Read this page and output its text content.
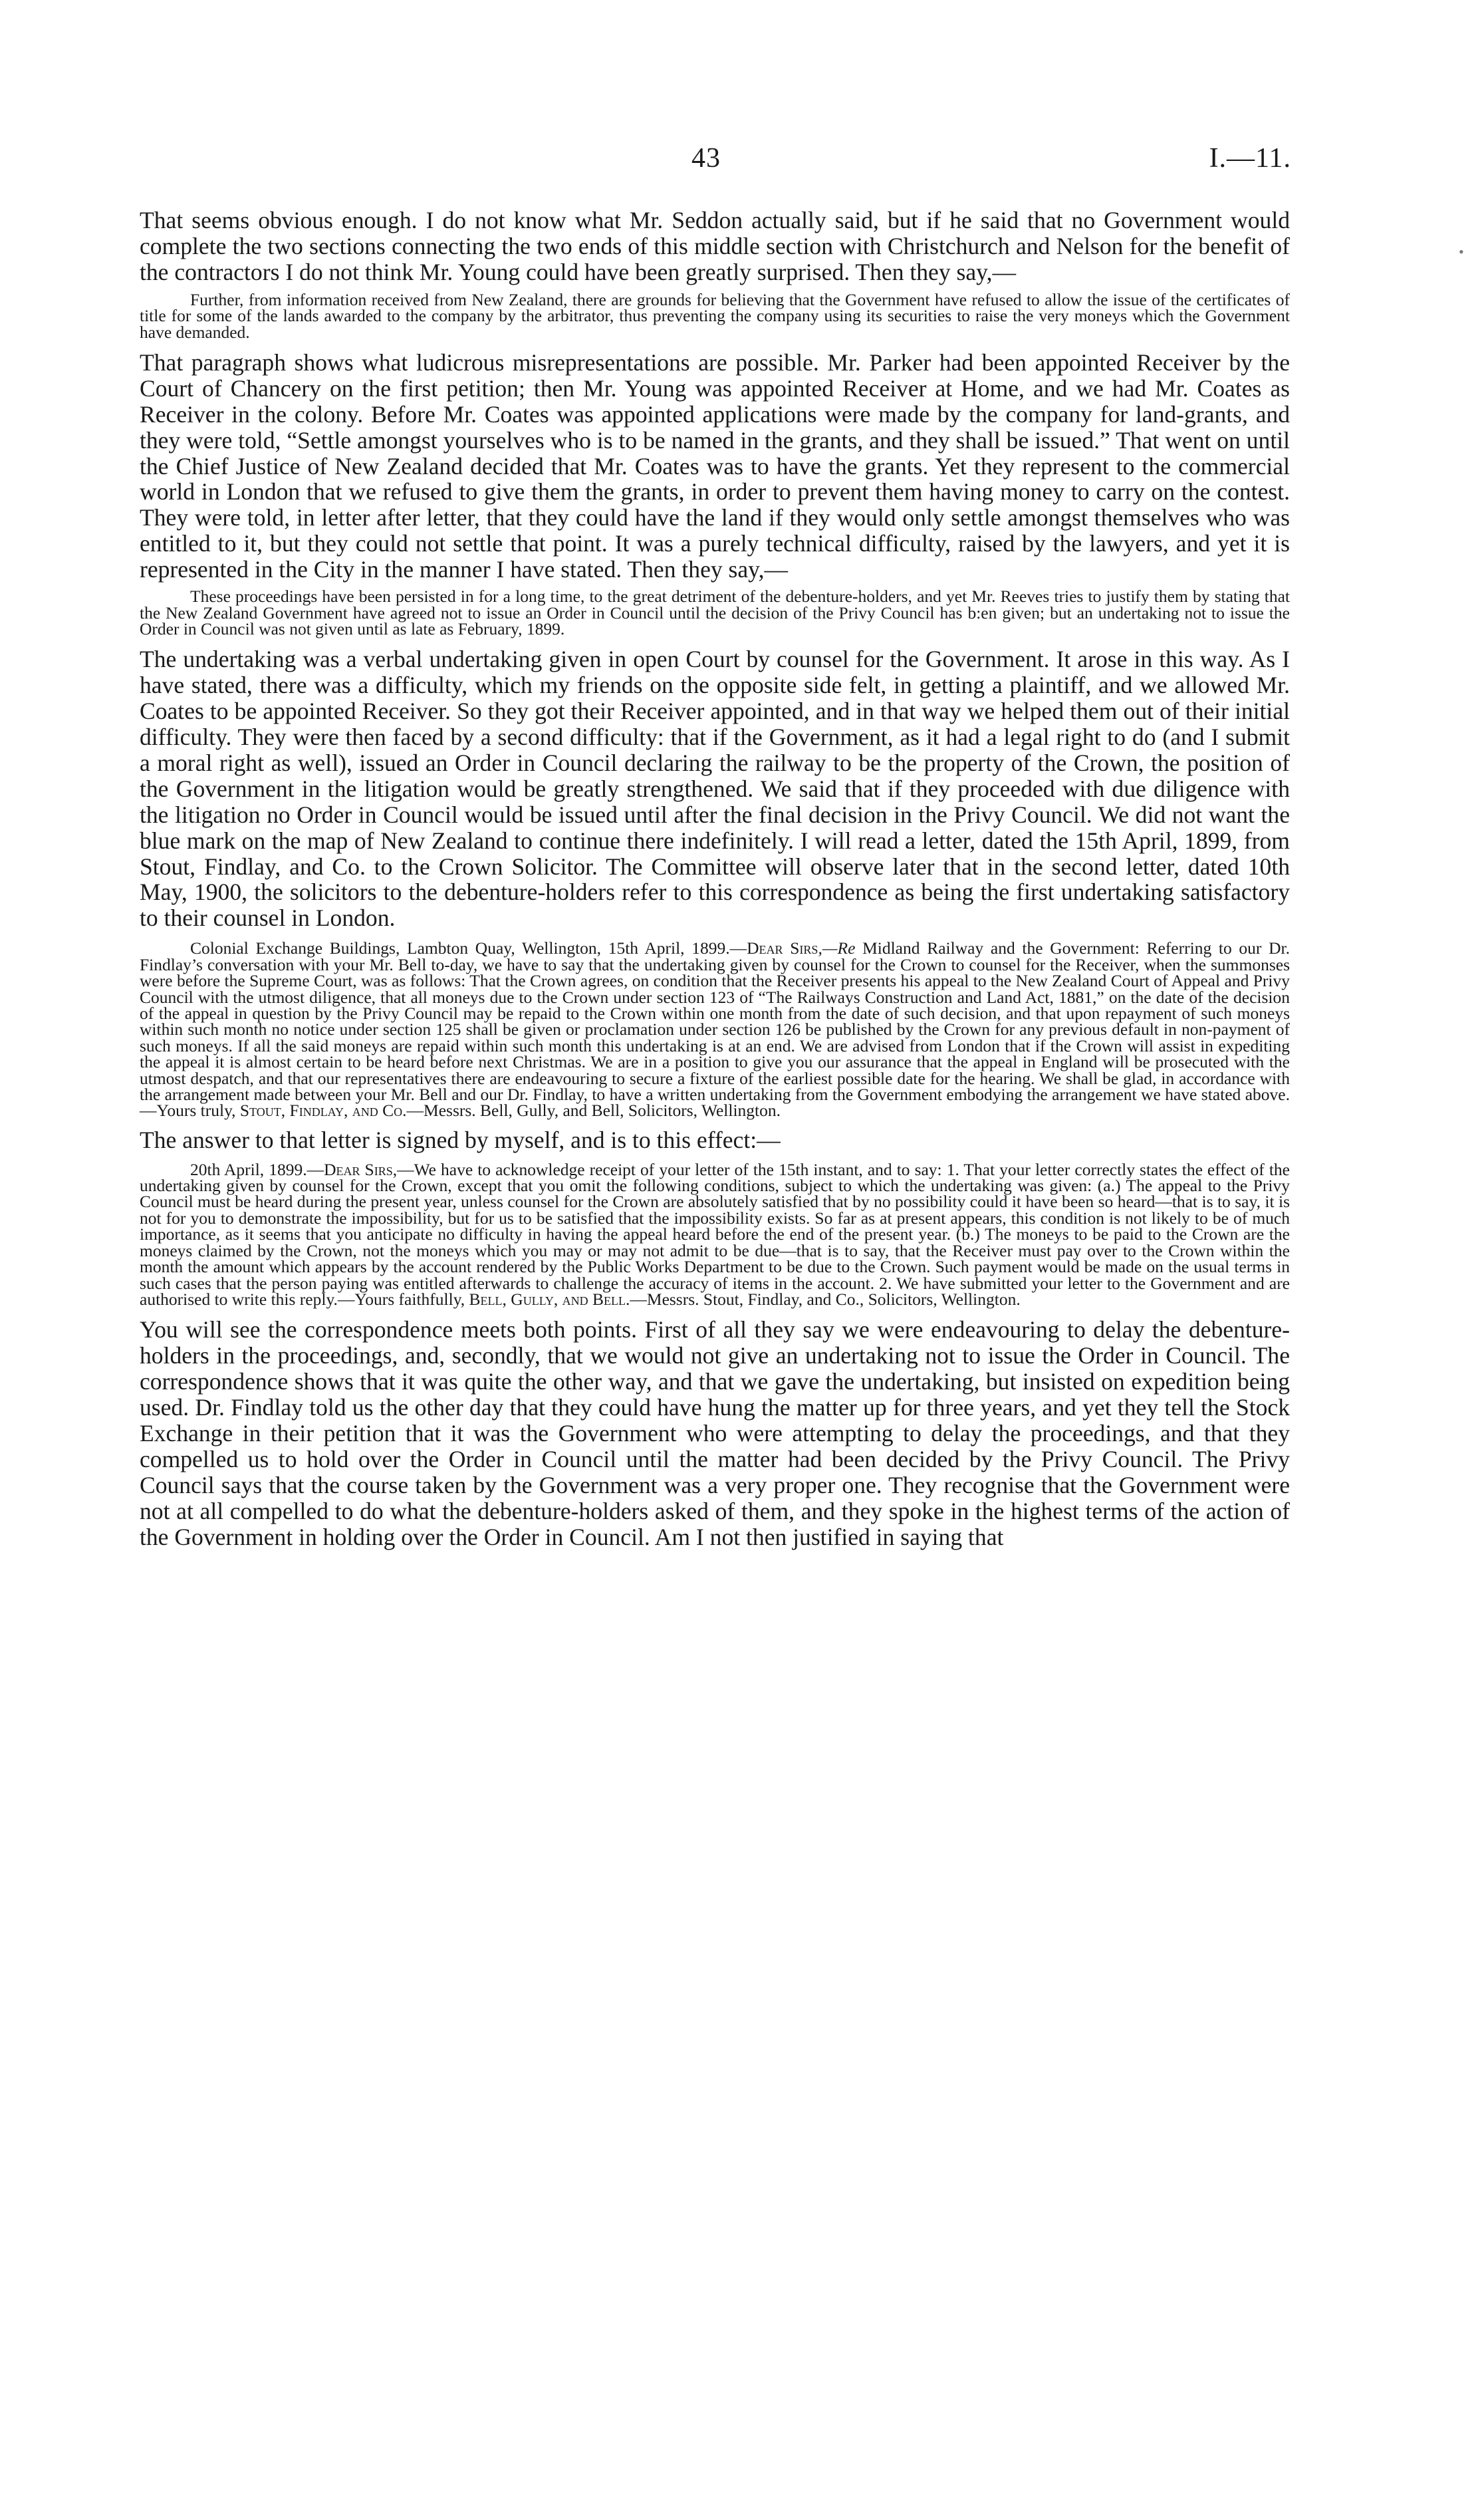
43	I.—11.
•

That seems obvious enough. I do not know what Mr. Seddon actually said, but if he said that no Government would complete the two sections connecting the two ends of this middle section with Christchurch and Nelson for the benefit of the contractors I do not think Mr. Young could have been greatly surprised. Then they say,—

Further, from information received from New Zealand, there are grounds for believing that the Government have refused to allow the issue of the certificates of title for some of the lands awarded to the company by the arbitrator, thus preventing the company using its securities to raise the very moneys which the Government have demanded.

That paragraph shows what ludicrous misrepresentations are possible. Mr. Parker had been appointed Receiver by the Court of Chancery on the first petition; then Mr. Young was appointed Receiver at Home, and we had Mr. Coates as Receiver in the colony. Before Mr. Coates was appointed applications were made by the company for land-grants, and they were told, “Settle amongst yourselves who is to be named in the grants, and they shall be issued.” That went on until the Chief Justice of New Zealand decided that Mr. Coates was to have the grants. Yet they represent to the commercial world in London that we refused to give them the grants, in order to prevent them having money to carry on the contest. They were told, in letter after letter, that they could have the land if they would only settle amongst themselves who was entitled to it, but they could not settle that point. It was a purely technical difficulty, raised by the lawyers, and yet it is represented in the City in the manner I have stated. Then they say,—

These proceedings have been persisted in for a long time, to the great detriment of the debenture-holders, and yet Mr. Reeves tries to justify them by stating that the New Zealand Government have agreed not to issue an Order in Council until the decision of the Privy Council has b:en given; but an undertaking not to issue the Order in Council was not given until as late as February, 1899.

The undertaking was a verbal undertaking given in open Court by counsel for the Government. It arose in this way. As I have stated, there was a difficulty, which my friends on the opposite side felt, in getting a plaintiff, and we allowed Mr. Coates to be appointed Receiver. So they got their Receiver appointed, and in that way we helped them out of their initial difficulty. They were then faced by a second difficulty: that if the Government, as it had a legal right to do (and I submit a moral right as well), issued an Order in Council declaring the railway to be the property of the Crown, the position of the Government in the litigation would be greatly strengthened. We said that if they proceeded with due diligence with the litigation no Order in Council would be issued until after the final decision in the Privy Council. We did not want the blue mark on the map of New Zealand to continue there indefinitely. I will read a letter, dated the 15th April, 1899, from Stout, Findlay, and Co. to the Crown Solicitor. The Committee will observe later that in the second letter, dated 10th May, 1900, the solicitors to the debenture-holders refer to this correspondence as being the first undertaking satisfactory to their counsel in London.

Colonial Exchange Buildings, Lambton Quay, Wellington, 15th April, 1899.—Dear Sirs,—Re Midland Railway and the Government: Referring to our Dr. Findlay’s conversation with your Mr. Bell to-day, we have to say that the undertaking given by counsel for the Crown to counsel for the Receiver, when the summonses were before the Supreme Court, was as follows: That the Crown agrees, on condition that the Receiver presents his appeal to the New Zealand Court of Appeal and Privy Council with the utmost diligence, that all moneys due to the Crown under section 123 of “The Railways Construction and Land Act, 1881,” on the date of the decision of the appeal in question by the Privy Council may be repaid to the Crown within one month from the date of such decision, and that upon repayment of such moneys within such month no notice under section 125 shall be given or proclamation under section 126 be published by the Crown for any previous default in non-payment of such moneys. If all the said moneys are repaid within such month this undertaking is at an end. We are advised from London that if the Crown will assist in expediting the appeal it is almost certain to be heard before next Christmas. We are in a position to give you our assurance that the appeal in England will be prosecuted with the utmost despatch, and that our representatives there are endeavouring to secure a fixture of the earliest possible date for the hearing. We shall be glad, in accordance with the arrangement made between your Mr. Bell and our Dr. Findlay, to have a written undertaking from the Government embodying the arrangement we have stated above.—Yours truly, Stout, Findlay, and Co.—Messrs. Bell, Gully, and Bell, Solicitors, Wellington.

The answer to that letter is signed by myself, and is to this effect:—

20th April, 1899.—Dear Sirs,—We have to acknowledge receipt of your letter of the 15th instant, and to say: 1. That your letter correctly states the effect of the undertaking given by counsel for the Crown, except that you omit the following conditions, subject to which the undertaking was given: (a.) The appeal to the Privy Council must be heard during the present year, unless counsel for the Crown are absolutely satisfied that by no possibility could it have been so heard—that is to say, it is not for you to demonstrate the impossibility, but for us to be satisfied that the impossibility exists. So far as at present appears, this condition is not likely to be of much importance, as it seems that you anticipate no difficulty in having the appeal heard before the end of the present year. (b.) The moneys to be paid to the Crown are the moneys claimed by the Crown, not the moneys which you may or may not admit to be due—that is to say, that the Receiver must pay over to the Crown within the month the amount which appears by the account rendered by the Public Works Department to be due to the Crown. Such payment would be made on the usual terms in such cases that the person paying was entitled afterwards to challenge the accuracy of items in the account. 2. We have submitted your letter to the Government and are authorised to write this reply.—Yours faithfully, Bell, Gully, and Bell.—Messrs. Stout, Findlay, and Co., Solicitors, Wellington.

You will see the correspondence meets both points. First of all they say we were endeavouring to delay the debenture-holders in the proceedings, and, secondly, that we would not give an undertaking not to issue the Order in Council. The correspondence shows that it was quite the other way, and that we gave the undertaking, but insisted on expedition being used. Dr. Findlay told us the other day that they could have hung the matter up for three years, and yet they tell the Stock Exchange in their petition that it was the Government who were attempting to delay the proceedings, and that they compelled us to hold over the Order in Council until the matter had been decided by the Privy Council. The Privy Council says that the course taken by the Government was a very proper one. They recognise that the Government were not at all compelled to do what the debenture-holders asked of them, and they spoke in the highest terms of the action of the Government in holding over the Order in Council. Am I not then justified in saying that
